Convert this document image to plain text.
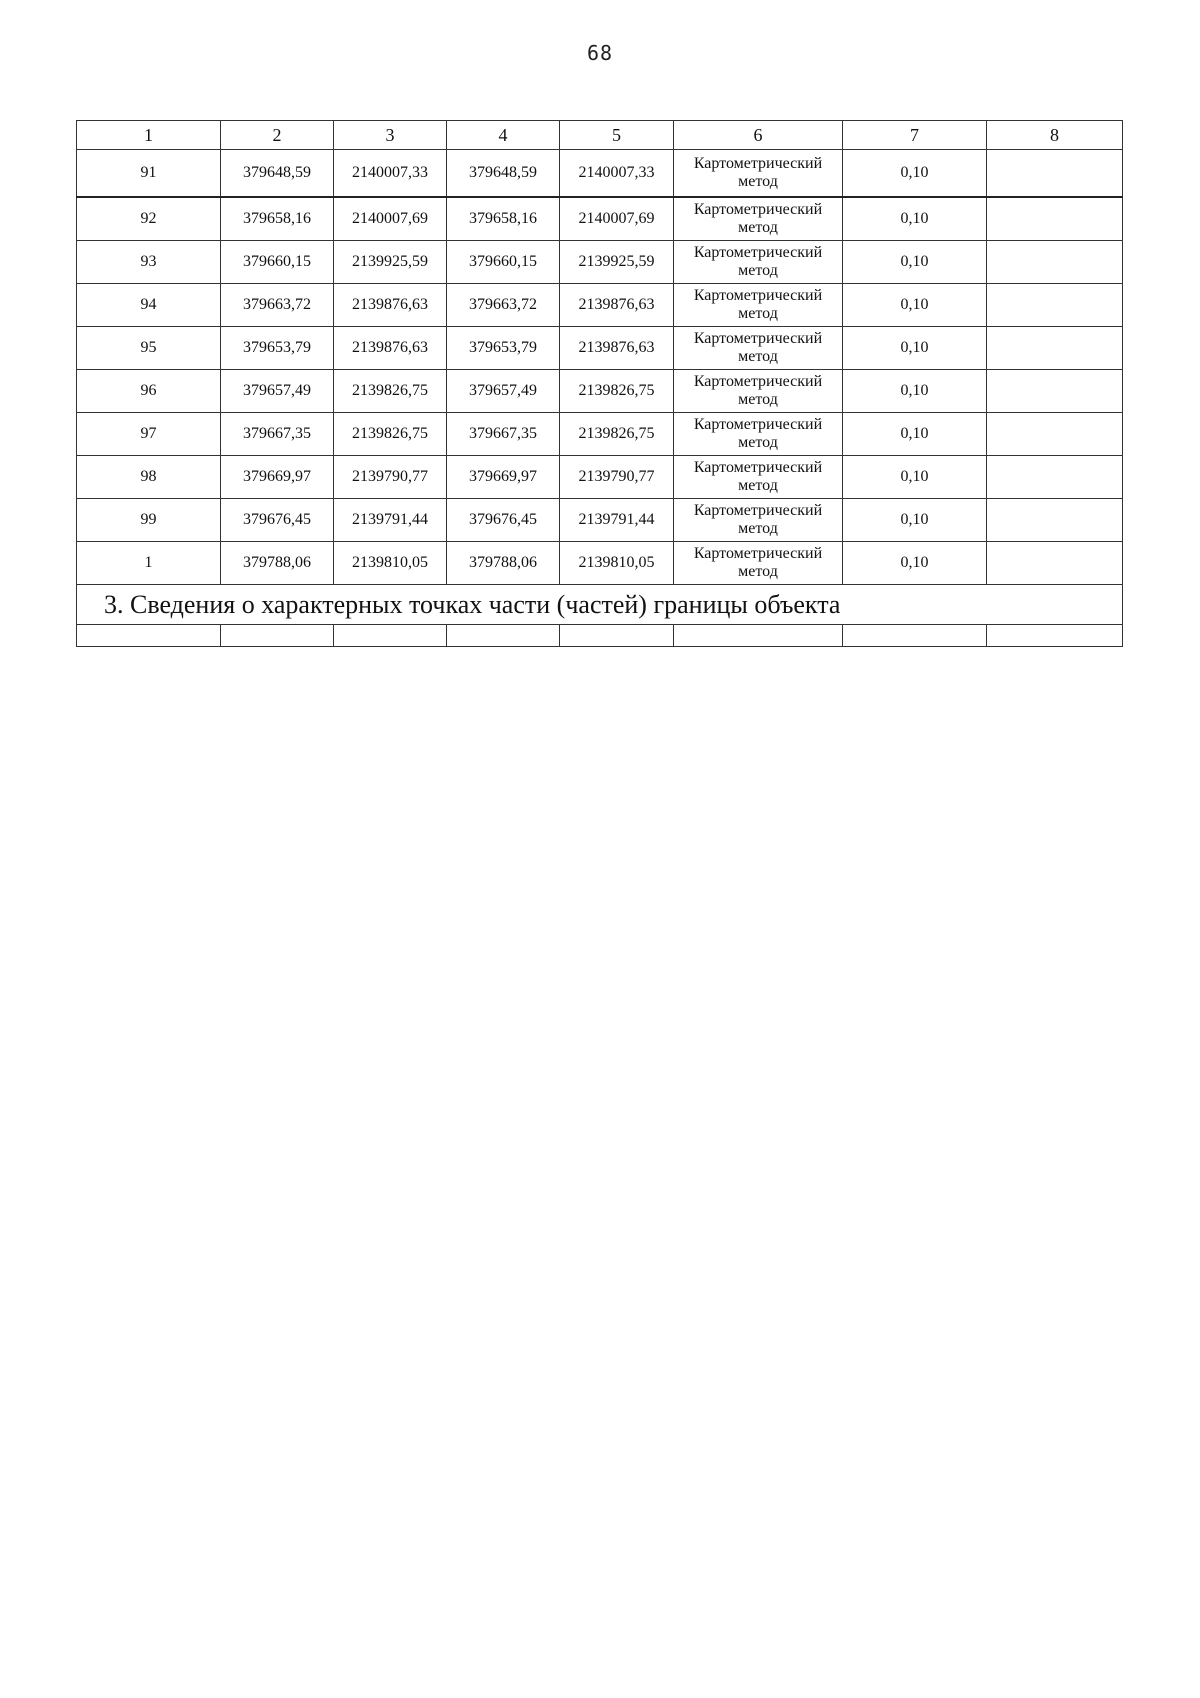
68
1	2	3	4	5	6	7	8
91	379648,59	2140007,33	379648,59	2140007,33	Картометрический метод	0,10	
92	379658,16	2140007,69	379658,16	2140007,69	Картометрический метод	0,10	
93	379660,15	2139925,59	379660,15	2139925,59	Картометрический метод	0,10	
94	379663,72	2139876,63	379663,72	2139876,63	Картометрический метод	0,10	
95	379653,79	2139876,63	379653,79	2139876,63	Картометрический метод	0,10	
96	379657,49	2139826,75	379657,49	2139826,75	Картометрический метод	0,10	
97	379667,35	2139826,75	379667,35	2139826,75	Картометрический метод	0,10	
98	379669,97	2139790,77	379669,97	2139790,77	Картометрический метод	0,10	
99	379676,45	2139791,44	379676,45	2139791,44	Картометрический метод	0,10	
1	379788,06	2139810,05	379788,06	2139810,05	Картометрический метод	0,10	
3. Сведения о характерных точках части (частей) границы объекта							
